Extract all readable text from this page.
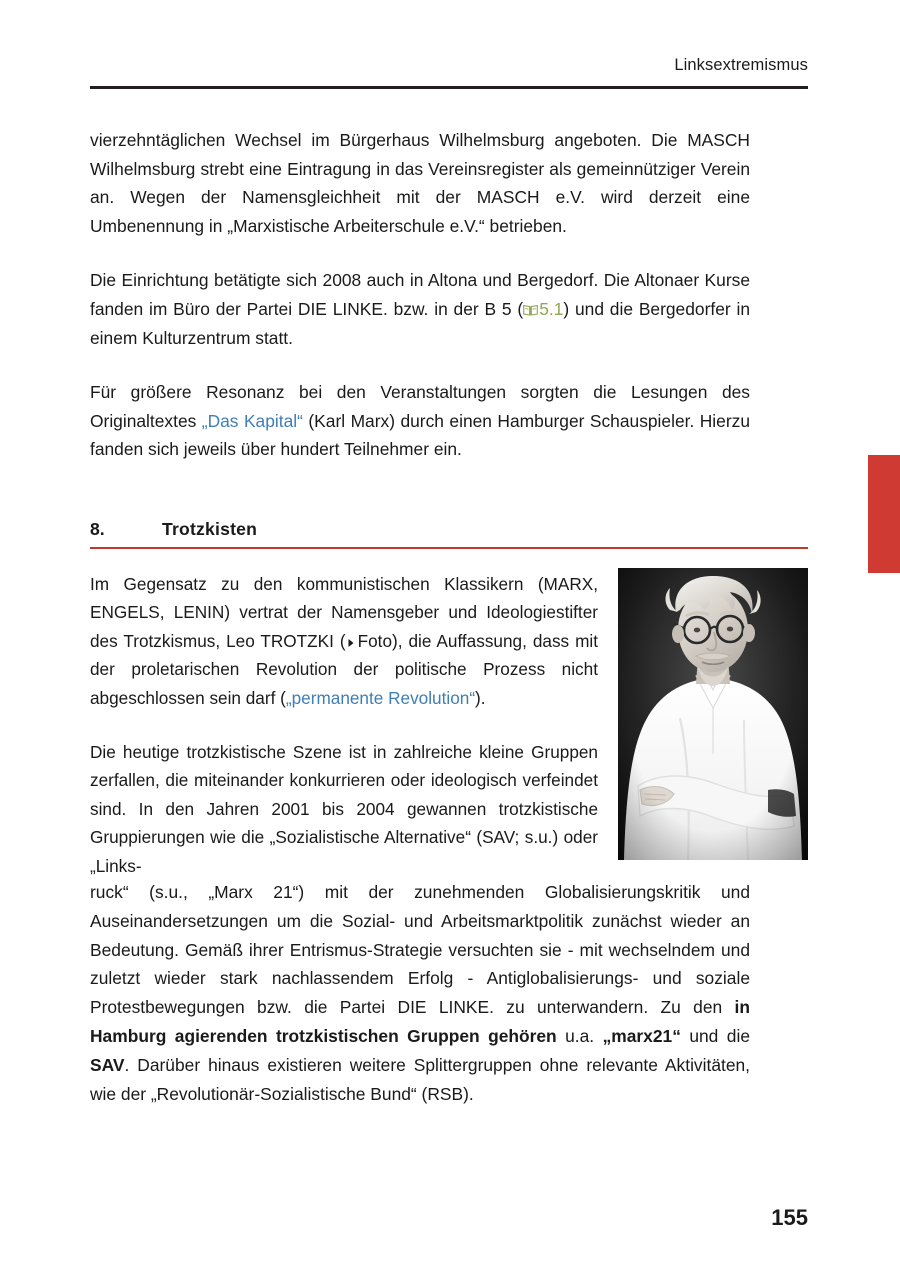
Linksextremismus

vierzehntäglichen Wechsel im Bürgerhaus Wilhelmsburg angeboten. Die MASCH Wilhelmsburg strebt eine Eintragung in das Vereinsregister als gemeinnütziger Verein an. Wegen der Namensgleichheit mit der MASCH e.V. wird derzeit eine Umbenennung in „Marxistische Arbeiterschule e.V.“ betrieben.

Die Einrichtung betätigte sich 2008 auch in Altona und Bergedorf. Die Altonaer Kurse fanden im Büro der Partei DIE LINKE. bzw. in der B 5 ( 5.1) und die Bergedorfer in einem Kulturzentrum statt.

Für größere Resonanz bei den Veranstaltungen sorgten die Lesungen des Originaltextes „Das Kapital“ (Karl Marx) durch einen Hamburger Schauspieler. Hierzu fanden sich jeweils über hundert Teilnehmer ein.

8.	Trotzkisten

Im Gegensatz zu den kommunistischen Klassikern (MARX, ENGELS, LENIN) vertrat der Namensgeber und Ideologiestifter des Trotzkismus, Leo TROTZKI ( Foto), die Auffassung, dass mit der proletarischen Revolution der politische Prozess nicht abgeschlossen sein darf („permanente Revolution“).

Die heutige trotzkistische Szene ist in zahlreiche kleine Gruppen zerfallen, die miteinander konkurrieren oder ideologisch verfeindet sind. In den Jahren 2001 bis 2004 gewannen trotzkistische Gruppierungen wie die „Sozialistische Alternative“ (SAV; s.u.) oder „Links-

ruck“ (s.u., „Marx 21“) mit der zunehmenden Globalisierungskritik und Auseinandersetzungen um die Sozial- und Arbeitsmarktpolitik zunächst wieder an Bedeutung. Gemäß ihrer Entrismus-Strategie versuchten sie - mit wechselndem und zuletzt wieder stark nachlassendem Erfolg - Antiglobalisierungs- und soziale Protestbewegungen bzw. die Partei DIE LINKE. zu unterwandern. Zu den in Hamburg agierenden trotzkistischen Gruppen gehören u.a. „marx21“ und die SAV. Darüber hinaus existieren weitere Splittergruppen ohne relevante Aktivitäten, wie der „Revolutionär-Sozialistische Bund“ (RSB).

155
